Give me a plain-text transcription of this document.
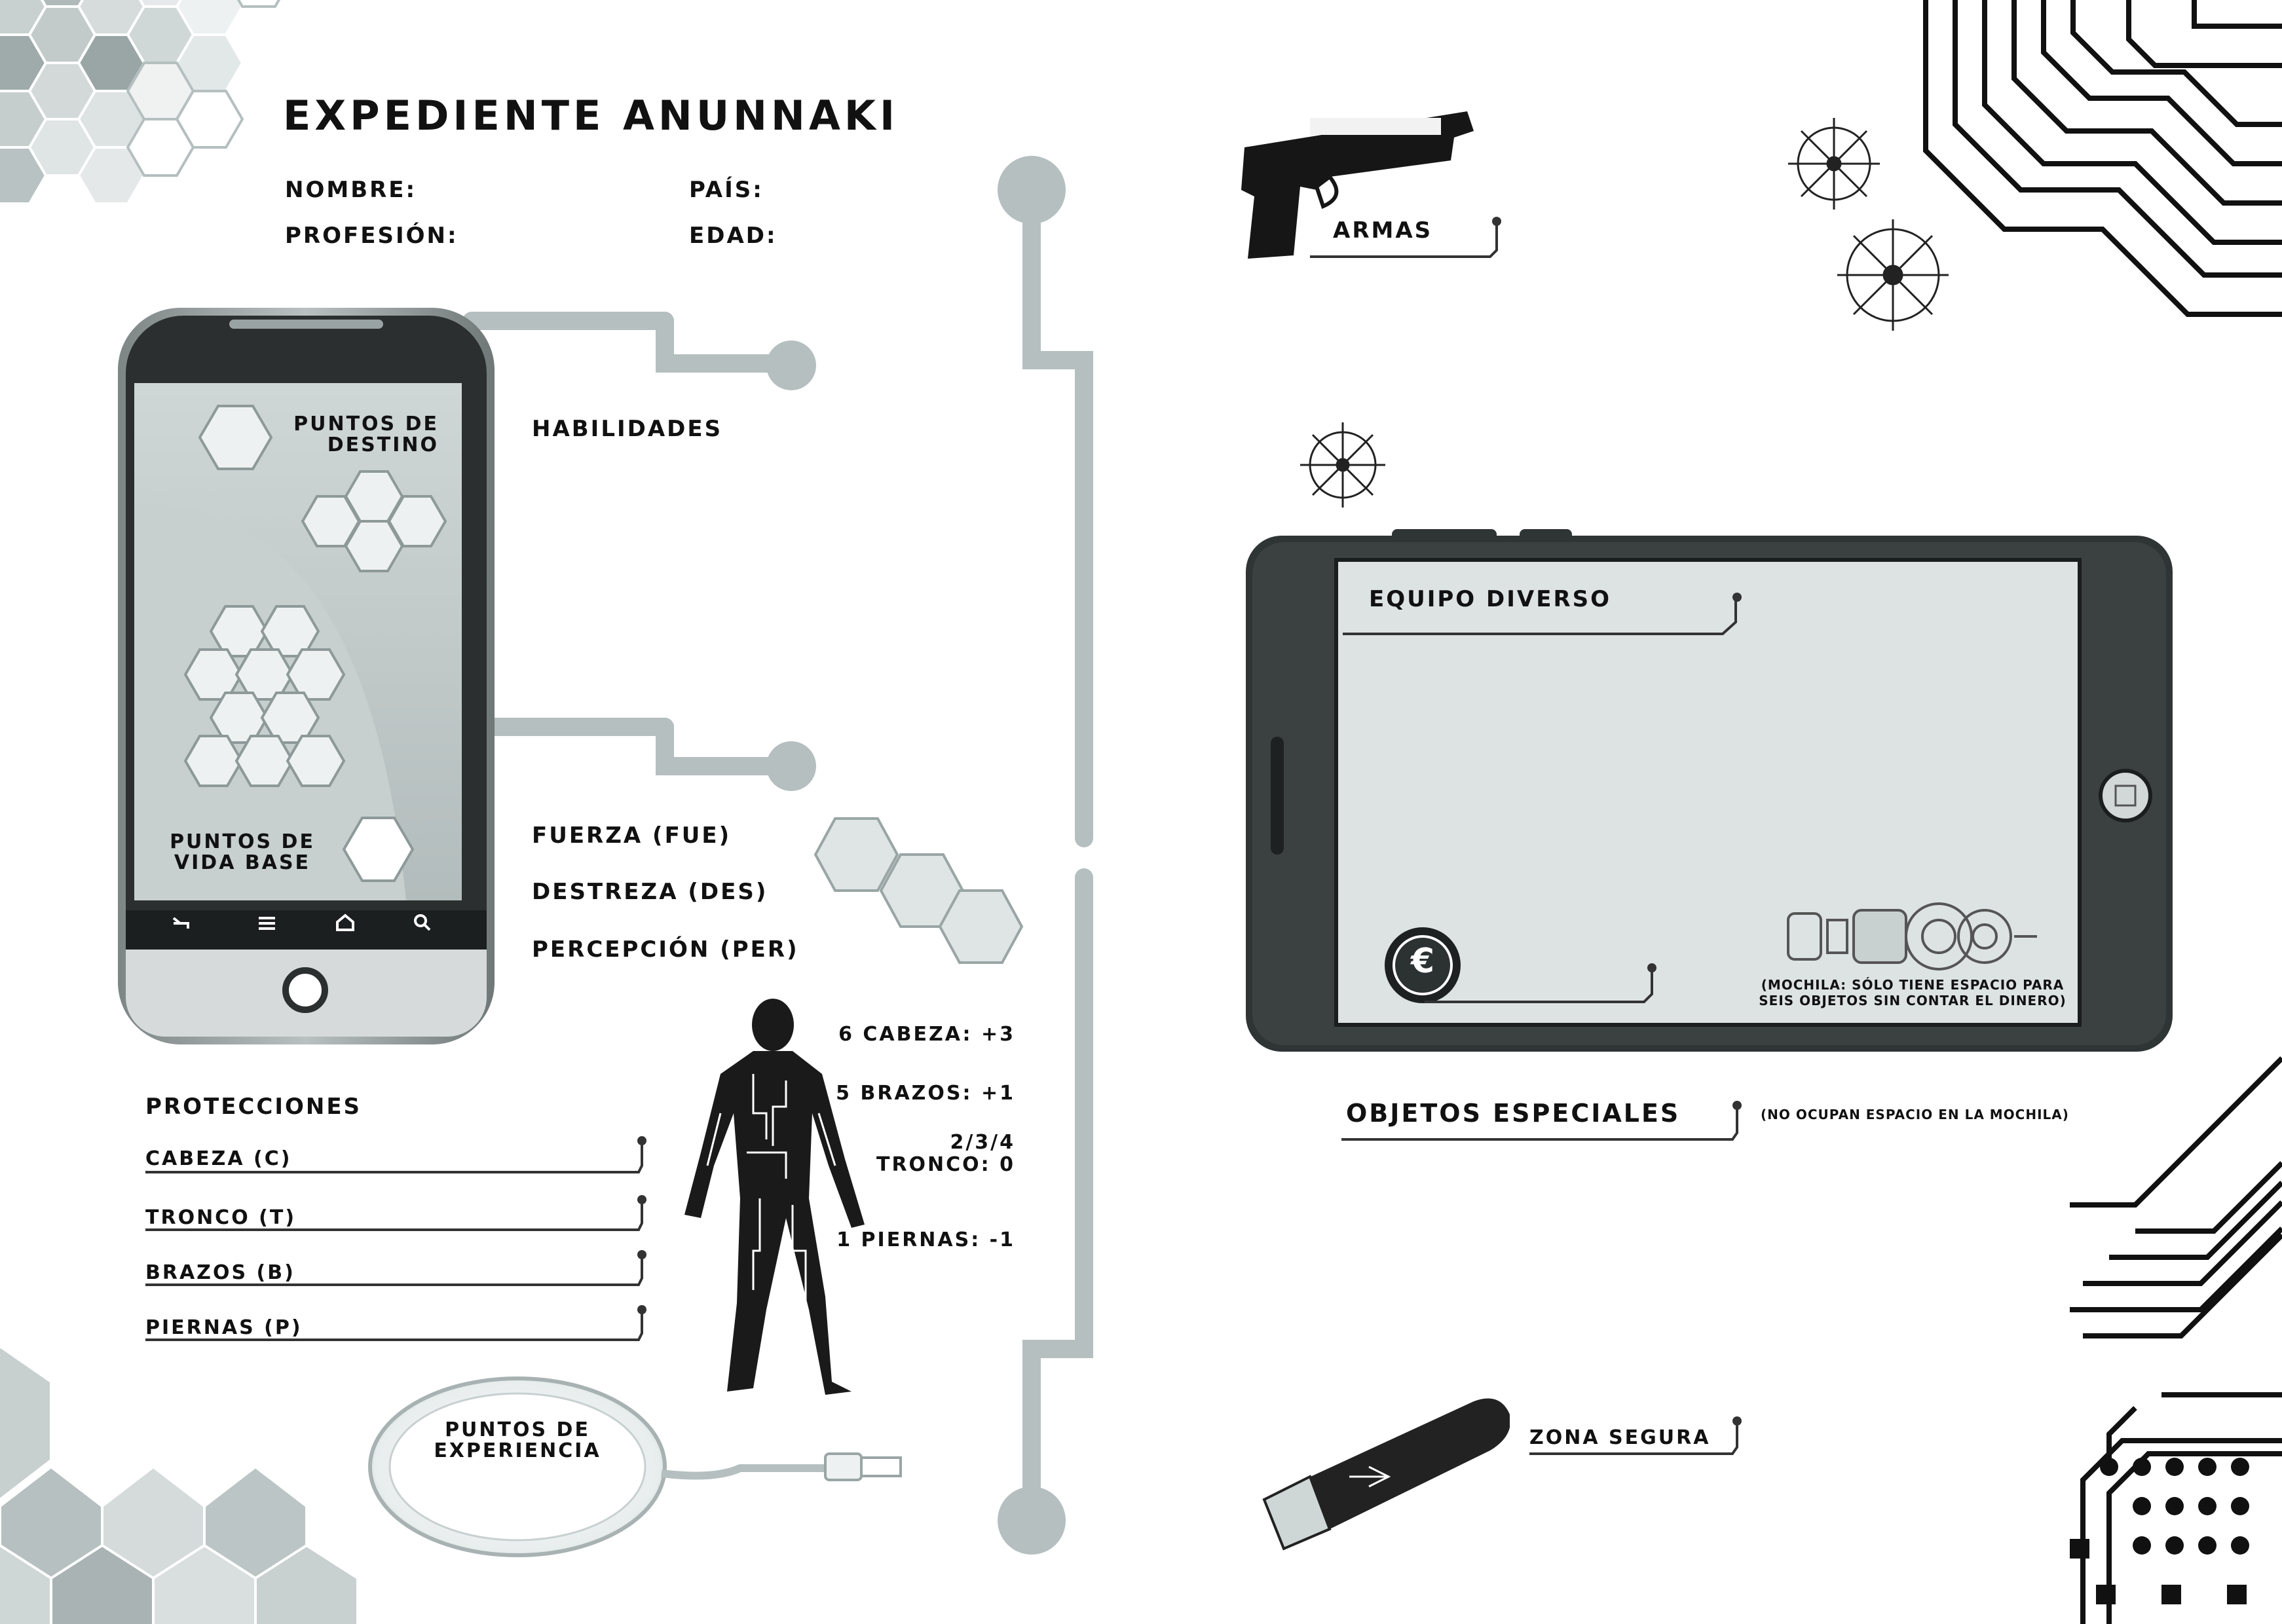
EXPEDIENTE ANUNNAKI
NOMBRE:	PAÍS:
PROFESIÓN:	EDAD:
PUNTOS DE
DESTINO
PUNTOS DE
VIDA BASE
HABILIDADES
FUERZA (FUE)
DESTREZA (DES)
PERCEPCIÓN (PER)
PROTECCIONES
CABEZA (C)
TRONCO (T)
BRAZOS (B)
PIERNAS (P)
6 CABEZA: +3
5 BRAZOS: +1
2/3/4
TRONCO: 0
1 PIERNAS: -1
PUNTOS DE
EXPERIENCIA
ARMAS
EQUIPO DIVERSO
€
(MOCHILA: SÓLO TIENE ESPACIO PARA
SEIS OBJETOS SIN CONTAR EL DINERO)
OBJETOS ESPECIALES	(NO OCUPAN ESPACIO EN LA MOCHILA)
ZONA SEGURA
